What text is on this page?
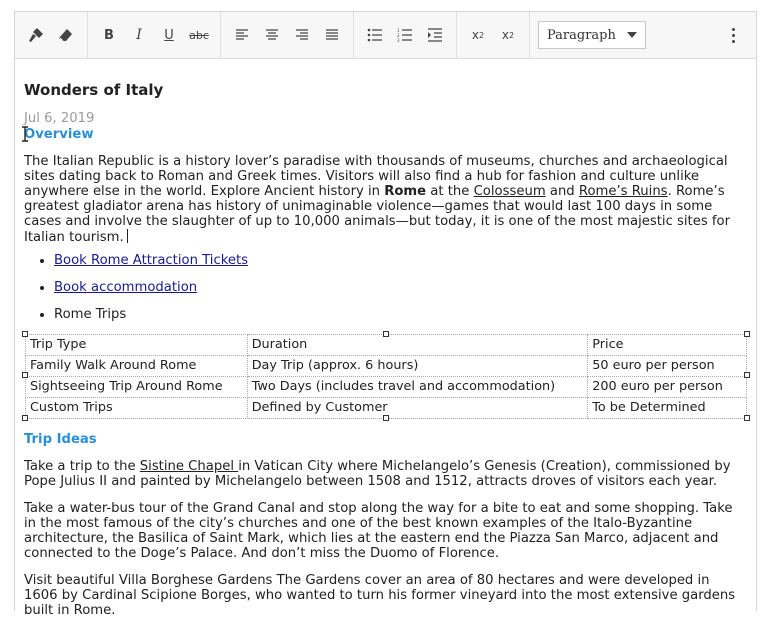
B	I	U	abc	1
2
3	x 2 x 2	Paragraph
Wonders of Italy
Jul 6, 2019
Overview

The Italian Republic is a history lover’s paradise with thousands of museums, churches and archaeological sites dating back to Roman and Greek times. Visitors will also find a hub for fashion and culture unlike anywhere else in the world. Explore Ancient history in Rome at the Colosseum and Rome’s Ruins. Rome’s greatest gladiator arena has history of unimaginable violence—games that would last 100 days in some cases and involve the slaughter of up to 10,000 animals—but today, it is one of the most majestic sites for Italian tourism.

• Book Rome Attraction Tickets
• Book accommodation
• Rome Trips
Trip Type	Duration	Price
Family Walk Around Rome	Day Trip (approx. 6 hours)	50 euro per person
Sightseeing Trip Around Rome	Two Days (includes travel and accommodation)	200 euro per person
Custom Trips	Defined by Customer	To be Determined
Trip Ideas

Take a trip to the Sistine Chapel in Vatican City where Michelangelo’s Genesis (Creation), commissioned by Pope Julius II and painted by Michelangelo between 1508 and 1512, attracts droves of visitors each year.

Take a water-bus tour of the Grand Canal and stop along the way for a bite to eat and some shopping. Take in the most famous of the city’s churches and one of the best known examples of the Italo-Byzantine architecture, the Basilica of Saint Mark, which lies at the eastern end the Piazza San Marco, adjacent and connected to the Doge’s Palace. And don’t miss the Duomo of Florence.

Visit beautiful Villa Borghese Gardens The Gardens cover an area of 80 hectares and were developed in 1606 by Cardinal Scipione Borges, who wanted to turn his former vineyard into the most extensive gardens built in Rome.
